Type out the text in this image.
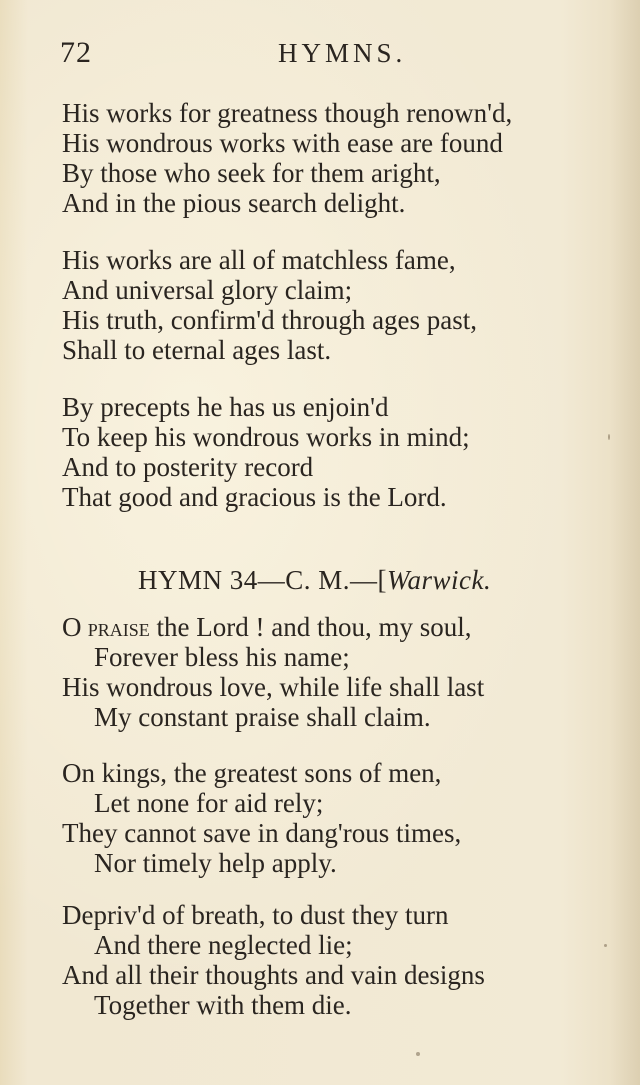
72	HYMNS.
His works for greatness though renown'd,
His wondrous works with ease are found
By those who seek for them aright,
And in the pious search delight.
His works are all of matchless fame,
And universal glory claim;
His truth, confirm'd through ages past,
Shall to eternal ages last.
By precepts he has us enjoin'd
To keep his wondrous works in mind;
And to posterity record
That good and gracious is the Lord.
HYMN 34—C. M.—[Warwick.
O praise the Lord ! and thou, my soul,
Forever bless his name;
His wondrous love, while life shall last
My constant praise shall claim.
On kings, the greatest sons of men,
Let none for aid rely;
They cannot save in dang'rous times,
Nor timely help apply.
Depriv'd of breath, to dust they turn
And there neglected lie;
And all their thoughts and vain designs
Together with them die.
